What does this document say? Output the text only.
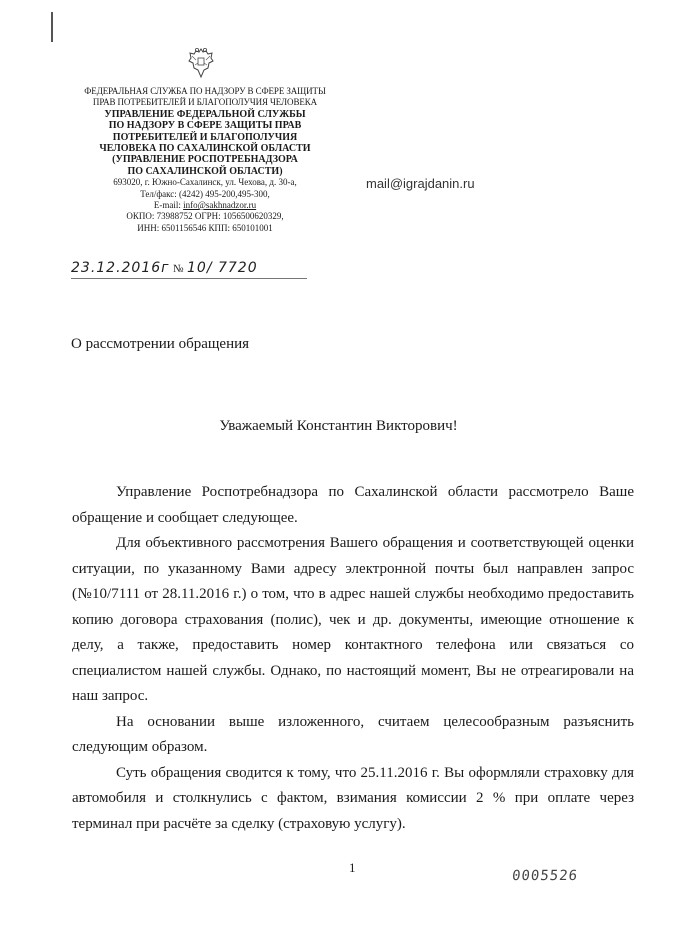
ФЕДЕРАЛЬНАЯ СЛУЖБА ПО НАДЗОРУ В СФЕРЕ ЗАЩИТЫ
ПРАВ ПОТРЕБИТЕЛЕЙ И БЛАГОПОЛУЧИЯ ЧЕЛОВЕКА
УПРАВЛЕНИЕ ФЕДЕРАЛЬНОЙ СЛУЖБЫ
ПО НАДЗОРУ В СФЕРЕ ЗАЩИТЫ ПРАВ
ПОТРЕБИТЕЛЕЙ И БЛАГОПОЛУЧИЯ
ЧЕЛОВЕКА ПО САХАЛИНСКОЙ ОБЛАСТИ
(УПРАВЛЕНИЕ РОСПОТРЕБНАДЗОРА
ПО САХАЛИНСКОЙ ОБЛАСТИ)
693020, г. Южно-Сахалинск, ул. Чехова, д. 30-а,
Тел/факс: (4242) 495-200,495-300,
E-mail: info@sakhnadzor.ru
ОКПО: 73988752 ОГРН: 1056500620329,
ИНН: 6501156546 КПП: 650101001
mail@igrajdanin.ru
23.12.2016г № 10/ 7720
О рассмотрении обращения
Уважаемый Константин Викторович!

Управление Роспотребнадзора по Сахалинской области рассмотрело Ваше обращение и сообщает следующее.

Для объективного рассмотрения Вашего обращения и соответствующей оценки ситуации, по указанному Вами адресу электронной почты был направлен запрос (№10/7111 от 28.11.2016 г.) о том, что в адрес нашей службы необходимо предоставить копию договора страхования (полис), чек и др. документы, имеющие отношение к делу, а также, предоставить номер контактного телефона или связаться со специалистом нашей службы. Однако, по настоящий момент, Вы не отреагировали на наш запрос.

На основании выше изложенного, считаем целесообразным разъяснить следующим образом.

Суть обращения сводится к тому, что 25.11.2016 г. Вы оформляли страховку для автомобиля и столкнулись с фактом, взимания комиссии 2 % при оплате через терминал при расчёте за сделку (страховую услугу).

1
0005526
